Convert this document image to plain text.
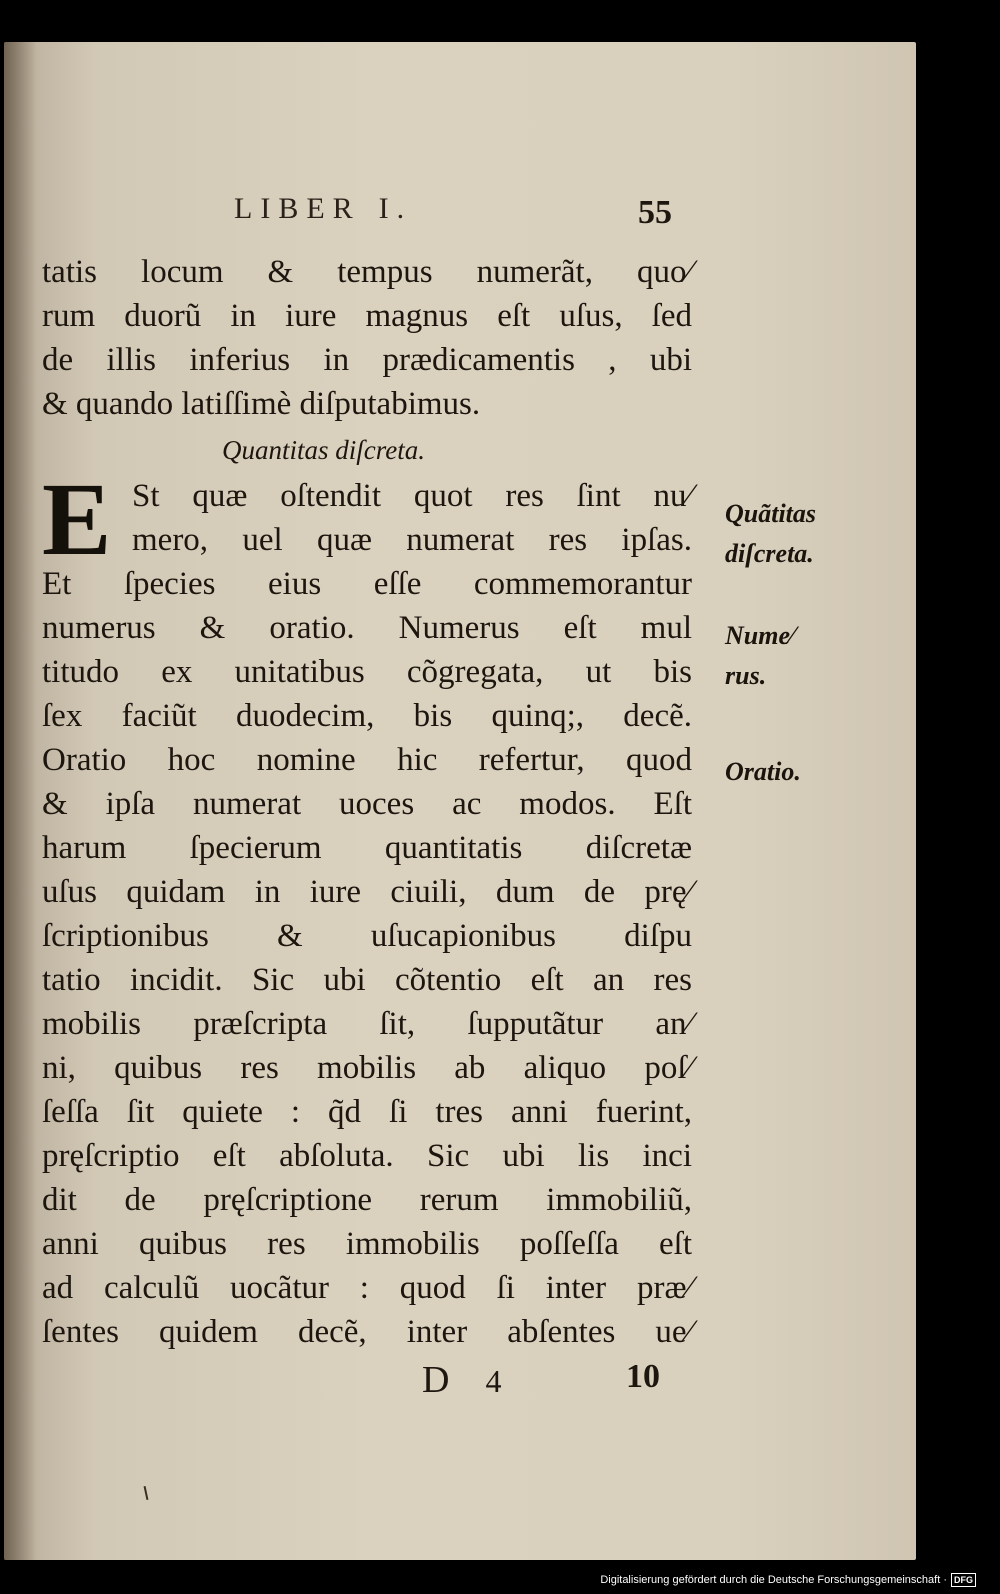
LIBER I.	55
tatis locum & tempus numerãt, quo⁄
rum duorũ in iure magnus eſt uſus, ſed
de illis inferius in prædicamentis , ubi
& quando latiſſimè diſputabimus.
Quantitas diſcreta.
E St quæ oſtendit quot res ſint nu⁄
mero, uel quæ numerat res ipſas.
Et ſpecies eius eſſe commemorantur
numerus & oratio. Numerus eſt mul
titudo ex unitatibus cõgregata, ut bis
ſex faciũt duodecim, bis quinq;, decẽ.
Oratio hoc nomine hic refertur, quod
& ipſa numerat uoces ac modos. Eſt
harum ſpecierum quantitatis diſcretæ
uſus quidam in iure ciuili, dum de prę⁄
ſcriptionibus & uſucapionibus diſpu
tatio incidit. Sic ubi cõtentio eſt an res
mobilis præſcripta ſit, ſupputãtur an⁄
ni, quibus res mobilis ab aliquo poſ⁄
ſeſſa ſit quiete : q̃d ſi tres anni fuerint,
pręſcriptio eſt abſoluta. Sic ubi lis inci
dit de pręſcriptione rerum immobiliũ,
anni quibus res immobilis poſſeſſa eſt
ad calculũ uocãtur : quod ſi inter præ⁄
ſentes quidem decẽ, inter abſentes ue⁄
Quãtitas
diſcreta.
Nume⁄
rus.
Oratio.
D 4	10
Digitalisierung gefördert durch die Deutsche Forschungsgemeinschaft · DFG
